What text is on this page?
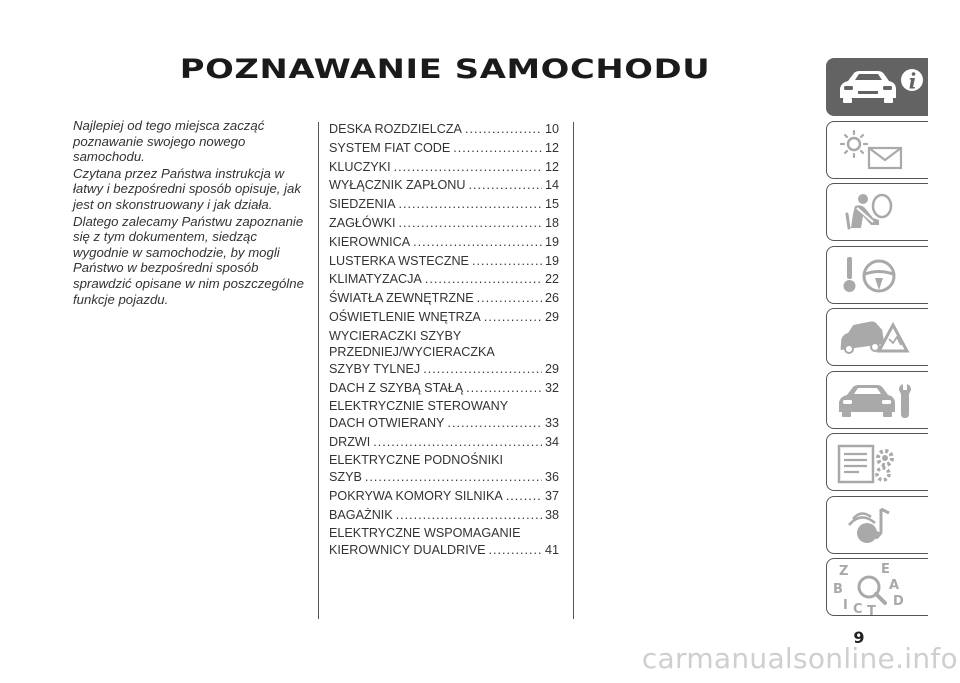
POZNAWANIE SAMOCHODU

Najlepiej od tego miejsca zacząć poznawanie swojego nowego samochodu.

Czytana przez Państwa instrukcja w łatwy i bezpośredni sposób opisuje, jak jest on skonstruowany i jak działa.

Dlatego zalecamy Państwu zapoznanie się z tym dokumentem, siedząc wygodnie w samochodzie, by mogli Państwo w bezpośredni sposób sprawdzić opisane w nim poszczególne funkcje pojazdu.

DESKA ROZDZIELCZA .....	10
SYSTEM FIAT CODE .....	12
KLUCZYKI .....	12
WYŁĄCZNIK ZAPŁONU .....	14
SIEDZENIA .....	15
ZAGŁÓWKI .....	18
KIEROWNICA .....	19
LUSTERKA WSTECZNE .....	19
KLIMATYZACJA .....	22
ŚWIATŁA ZEWNĘTRZNE .....	26
OŚWIETLENIE WNĘTRZA .....	29
WYCIERACZKI SZYBY
PRZEDNIEJ/WYCIERACZKA
SZYBY TYLNEJ .....	29
DACH Z SZYBĄ STAŁĄ .....	32
ELEKTRYCZNIE STEROWANY
DACH OTWIERANY .....	33
DRZWI .....	34
ELEKTRYCZNE PODNOŚNIKI
SZYB .....	36
POKRYWA KOMORY SILNIKA .....	37
BAGAŻNIK .....	38
ELEKTRYCZNE WSPOMAGANIE
KIEROWNICY DUALDRIVE .....	41
Z	E
B	A
I C T
D
9
carmanualsonline.info
